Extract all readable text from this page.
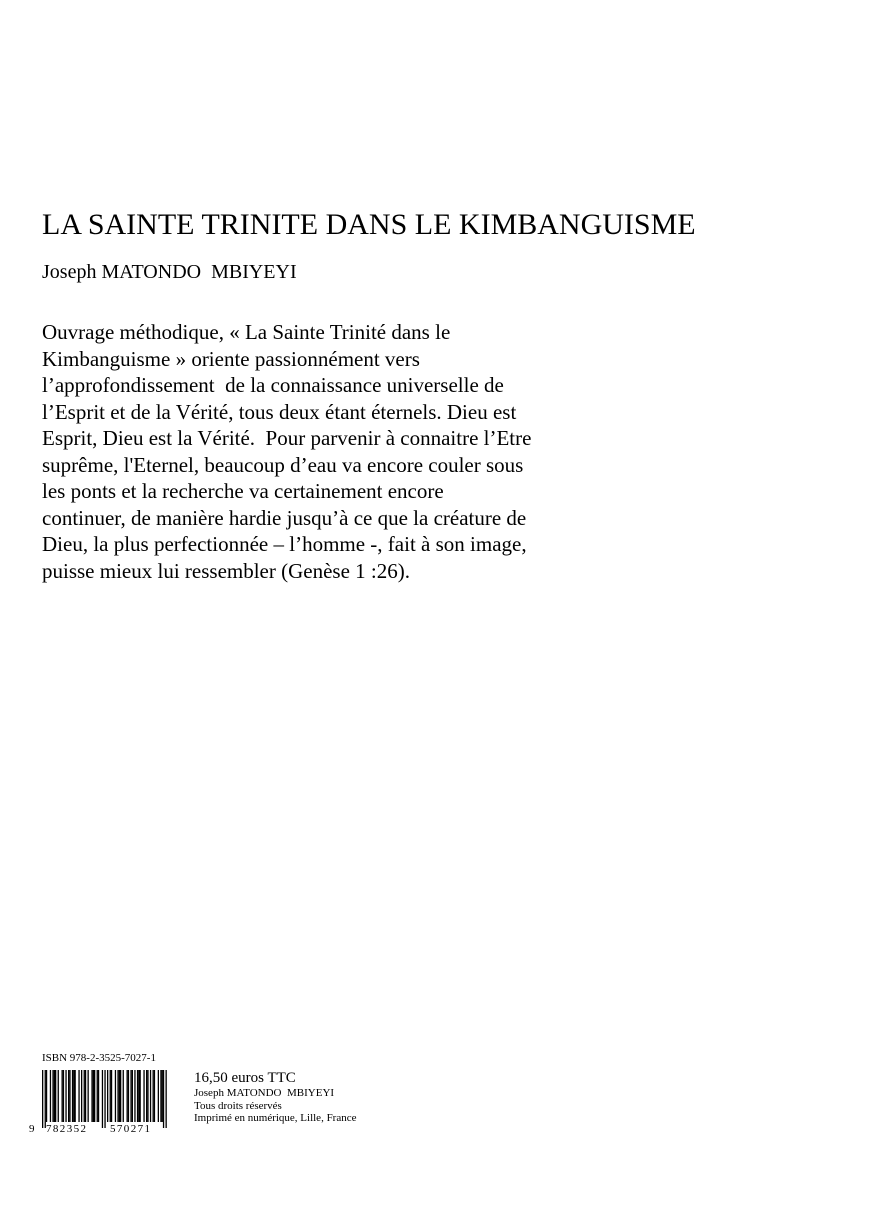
LA SAINTE TRINITE DANS LE KIMBANGUISME
Joseph MATONDO  MBIYEYI
Ouvrage méthodique, « La Sainte Trinité dans le
Kimbanguisme » oriente passionnément vers
l’approfondissement  de la connaissance universelle de
l’Esprit et de la Vérité, tous deux étant éternels. Dieu est
Esprit, Dieu est la Vérité.  Pour parvenir à connaitre l’Etre
suprême, l'Eternel, beaucoup d’eau va encore couler sous
les ponts et la recherche va certainement encore
continuer, de manière hardie jusqu’à ce que la créature de
Dieu, la plus perfectionnée – l’homme -, fait à son image,
puisse mieux lui ressembler (Genèse 1 :26).
ISBN 978-2-3525-7027-1
9 782352 570271
16,50 euros TTC
Joseph MATONDO  MBIYEYI
Tous droits réservés
Imprimé en numérique, Lille, France
